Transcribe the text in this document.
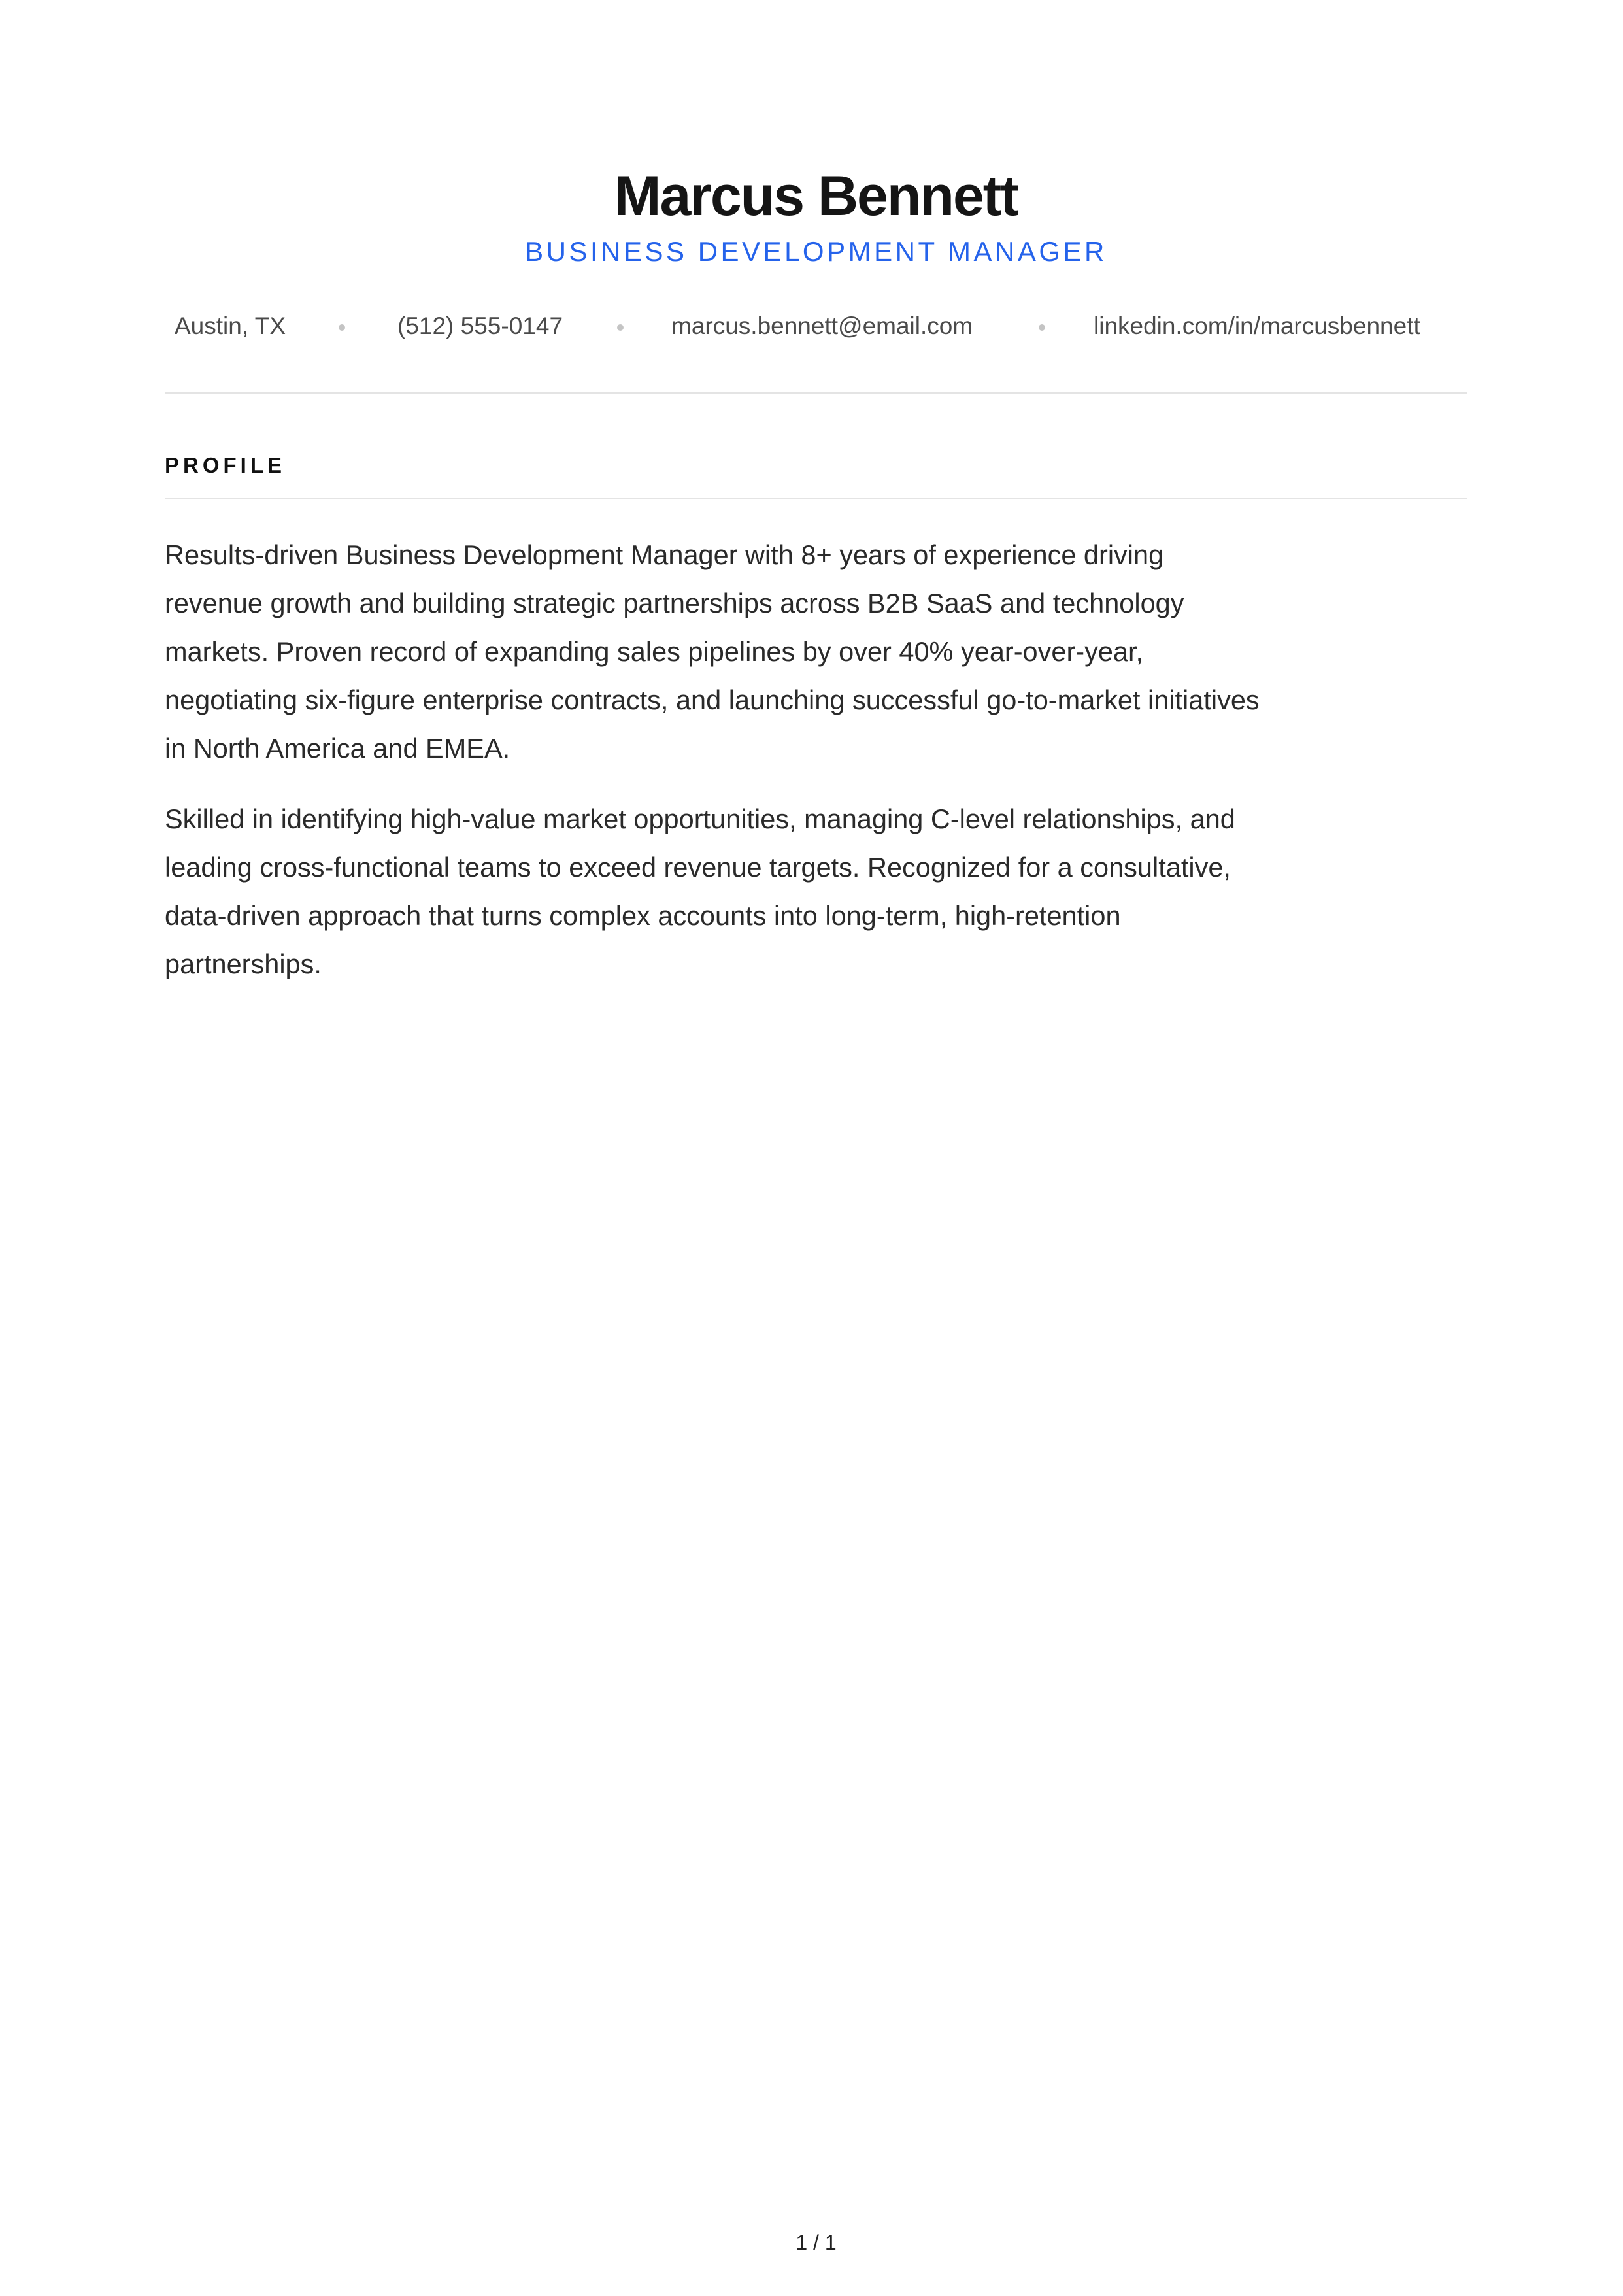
Marcus Bennett
BUSINESS DEVELOPMENT MANAGER
Austin, TX	(512) 555-0147	marcus.bennett@email.com	linkedin.com/in/marcusbennett
PROFILE

Results-driven Business Development Manager with 8+ years of experience driving revenue growth and building strategic partnerships across B2B SaaS and technology markets. Proven record of expanding sales pipelines by over 40% year-over-year, negotiating six-figure enterprise contracts, and launching successful go-to-market initiatives in North America and EMEA.

Skilled in identifying high-value market opportunities, managing C-level relationships, and leading cross-functional teams to exceed revenue targets. Recognized for a consultative, data-driven approach that turns complex accounts into long-term, high-retention partnerships.

1 / 1
